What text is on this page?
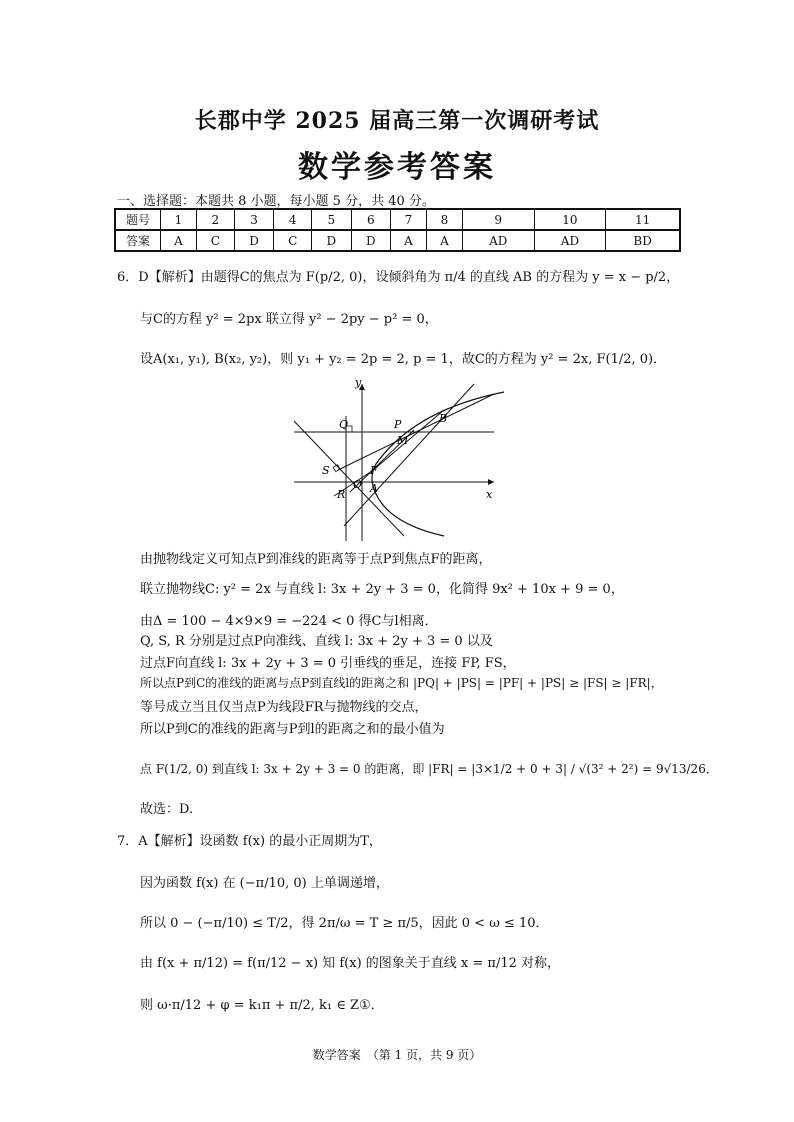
长郡中学 2025 届高三第一次调研考试
数学参考答案
一、选择题：本题共 8 小题，每小题 5 分，共 40 分。
题号	1	2	3	4	5	6	7	8	9	10	11
答案	A	C	D	C	D	D	A	A	AD	AD	BD
6．D【解析】由题得C的焦点为 F(p/2, 0)，设倾斜角为 π/4 的直线 AB 的方程为 y = x − p/2，
与C的方程 y² = 2px 联立得 y² − 2py − p² = 0，
设A(x₁, y₁), B(x₂, y₂)，则 y₁ + y₂ = 2p = 2, p = 1，故C的方程为 y² = 2x, F(1/2, 0)．
y
Q	P	B
M
S	F
O A
R	x
由抛物线定义可知点P到准线的距离等于点P到焦点F的距离，
联立抛物线C: y² = 2x 与直线 l: 3x + 2y + 3 = 0，化简得 9x² + 10x + 9 = 0，
由Δ = 100 − 4×9×9 = −224 < 0 得C与l相离．
Q, S, R 分别是过点P向准线、直线 l: 3x + 2y + 3 = 0 以及
过点F向直线 l: 3x + 2y + 3 = 0 引垂线的垂足，连接 FP, FS，
所以点P到C的准线的距离与点P到直线l的距离之和 |PQ| + |PS| = |PF| + |PS| ≥ |FS| ≥ |FR|，
等号成立当且仅当点P为线段FR与抛物线的交点，
所以P到C的准线的距离与P到l的距离之和的最小值为
点 F(1/2, 0) 到直线 l: 3x + 2y + 3 = 0 的距离，即 |FR| = |3×1/2 + 0 + 3| / √(3² + 2²) = 9√13/26．
故选：D.
7．A【解析】设函数 f(x) 的最小正周期为T，
因为函数 f(x) 在 (−π/10, 0) 上单调递增，
所以 0 − (−π/10) ≤ T/2，得 2π/ω = T ≥ π/5，因此 0 < ω ≤ 10．
由 f(x + π/12) = f(π/12 − x) 知 f(x) 的图象关于直线 x = π/12 对称，
则 ω·π/12 + φ = k₁π + π/2, k₁ ∈ Z①．
数学答案　（第 1 页，共 9 页）
